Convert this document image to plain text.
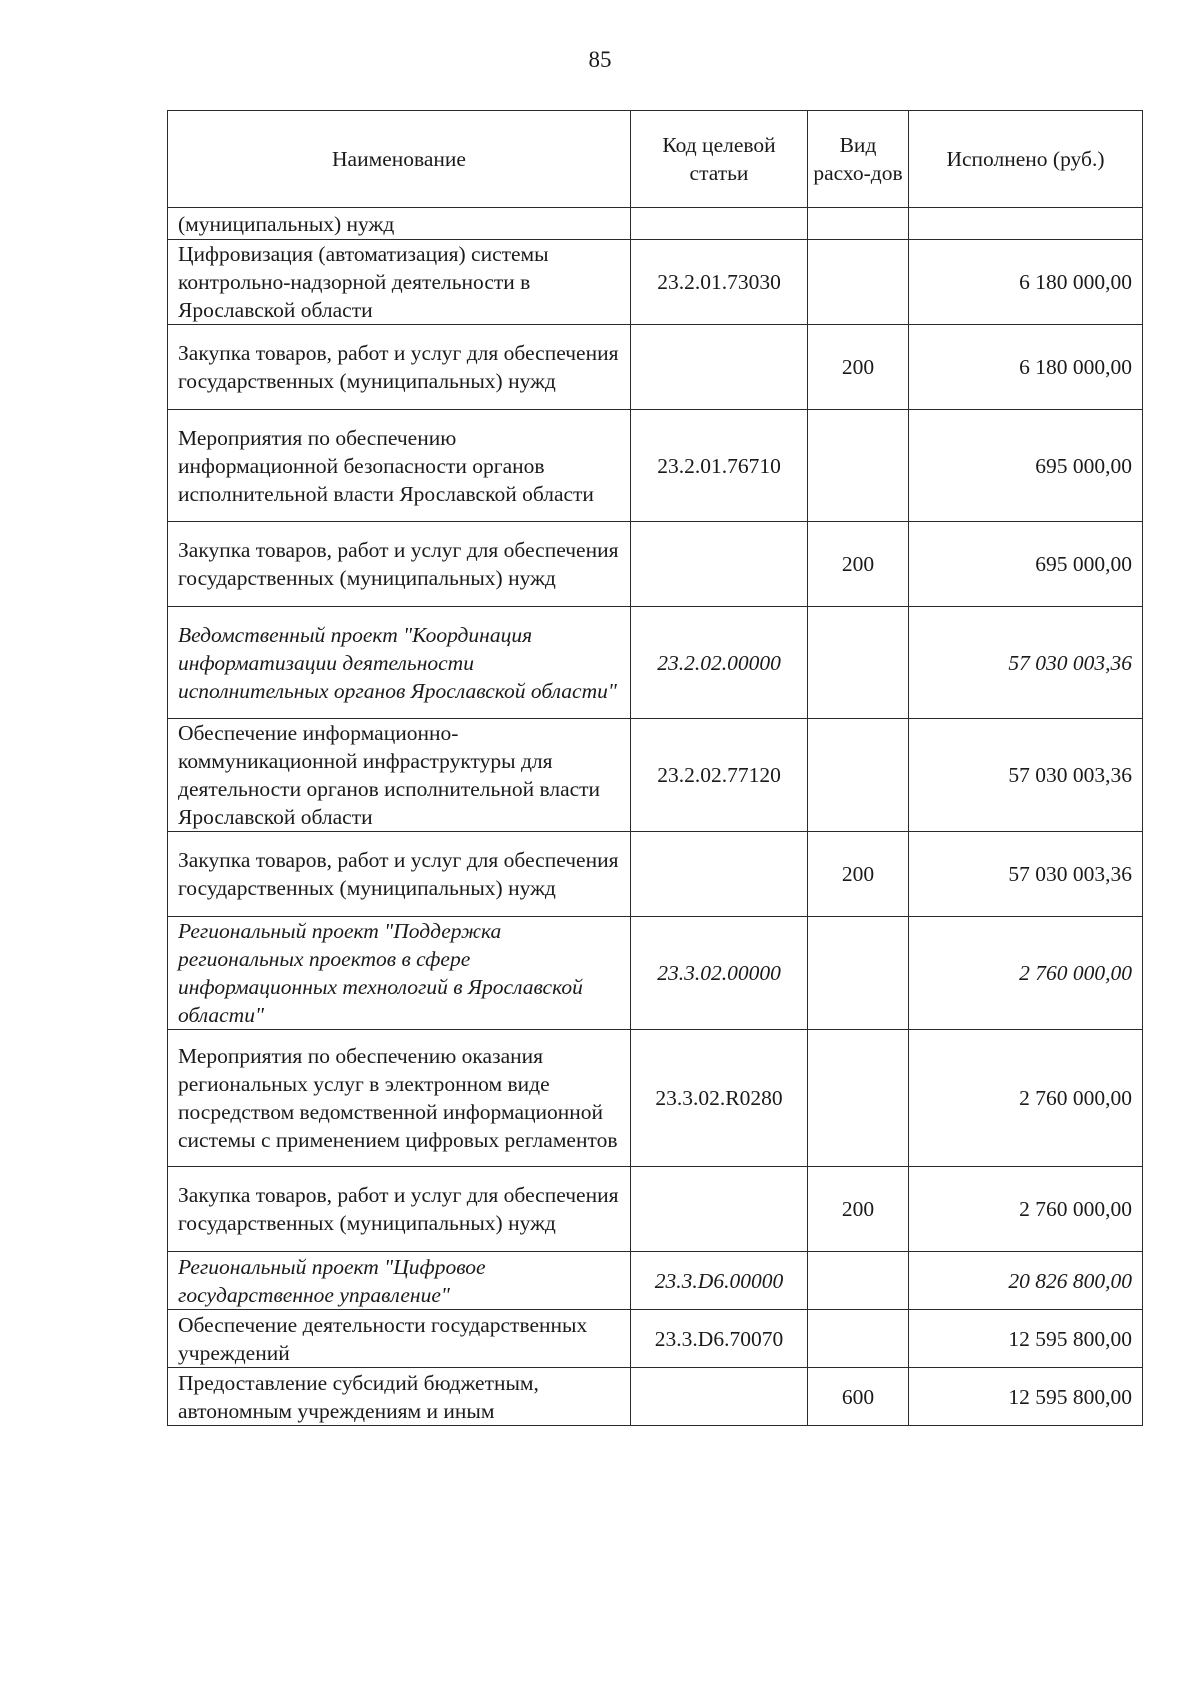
85
Наименование	Код целевой статьи	Вид расхо-дов	Исполнено (руб.)
(муниципальных) нужд			
Цифровизация (автоматизация) системы контрольно-надзорной деятельности в Ярославской области	23.2.01.73030		6 180 000,00
Закупка товаров, работ и услуг для обеспечения государственных (муниципальных) нужд		200	6 180 000,00
Мероприятия по обеспечению информационной безопасности органов исполнительной власти Ярославской области	23.2.01.76710		695 000,00
Закупка товаров, работ и услуг для обеспечения государственных (муниципальных) нужд		200	695 000,00
Ведомственный проект "Координация информатизации деятельности исполнительных органов Ярославской области"	23.2.02.00000		57 030 003,36
Обеспечение информационно-коммуникационной инфраструктуры для деятельности органов исполнительной власти Ярославской области	23.2.02.77120		57 030 003,36
Закупка товаров, работ и услуг для обеспечения государственных (муниципальных) нужд		200	57 030 003,36
Региональный проект "Поддержка региональных проектов в сфере информационных технологий в Ярославской области"	23.3.02.00000		2 760 000,00
Мероприятия по обеспечению оказания региональных услуг в электронном виде посредством ведомственной информационной системы с применением цифровых регламентов	23.3.02.R0280		2 760 000,00
Закупка товаров, работ и услуг для обеспечения государственных (муниципальных) нужд		200	2 760 000,00
Региональный проект "Цифровое государственное управление"	23.3.D6.00000		20 826 800,00
Обеспечение деятельности государственных учреждений	23.3.D6.70070		12 595 800,00
Предоставление субсидий бюджетным, автономным учреждениям и иным		600	12 595 800,00
